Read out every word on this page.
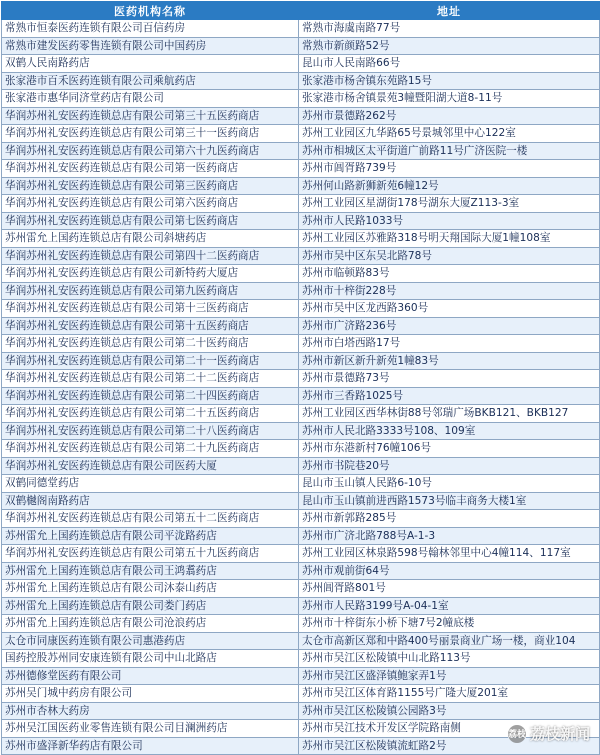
医药机构名称	地址
常熟市恒泰医药连锁有限公司百信药房	常熟市海虞南路77号
常熟市建发医药零售连锁有限公司中国药房	常熟市新颜路52号
双鹤人民南路药店	昆山市人民南路66号
张家港市百禾医药连锁有限公司乘航药店	张家港市杨舍镇东苑路15号
张家港市惠华同济堂药店有限公司	张家港市杨舍镇景苑3幢暨阳湖大道8-11号
华润苏州礼安医药连锁总店有限公司第三十五医药商店	苏州市景德路262号
华润苏州礼安医药连锁总店有限公司第三十一医药商店	苏州工业园区九华路65号景城邻里中心122室
华润苏州礼安医药连锁总店有限公司第六十九医药商店	苏州市相城区太平街道广前路11号广济医院一楼
华润苏州礼安医药连锁总店有限公司第一医药商店	苏州市阊胥路739号
华润苏州礼安医药连锁总店有限公司第三医药商店	苏州何山路新狮新苑6幢12号
华润苏州礼安医药连锁总店有限公司第六医药商店	苏州工业园区星湖街178号湖东大厦Z113-3室
华润苏州礼安医药连锁总店有限公司第七医药商店	苏州市人民路1033号
苏州雷允上国药连锁总店有限公司斜塘药店	苏州工业园区苏雅路318号明天翔国际大厦1幢108室
华润苏州礼安医药连锁总店有限公司第四十二医药商店	苏州市吴中区东吴北路78号
华润苏州礼安医药连锁总店有限公司新特药大厦店	苏州市临顿路83号
华润苏州礼安医药连锁总店有限公司第九医药商店	苏州市十梓街228号
华润苏州礼安医药连锁总店有限公司第十三医药商店	苏州市吴中区龙西路360号
华润苏州礼安医药连锁总店有限公司第十五医药商店	苏州市广济路236号
华润苏州礼安医药连锁总店有限公司第二十医药商店	苏州市白塔西路17号
华润苏州礼安医药连锁总店有限公司第二十一医药商店	苏州市新区新升新苑1幢83号
华润苏州礼安医药连锁总店有限公司第二十二医药商店	苏州市景德路73号
华润苏州礼安医药连锁总店有限公司第二十四医药商店	苏州市三香路1025号
华润苏州礼安医药连锁总店有限公司第二十五医药商店	苏州工业园区西华林街88号邻瑞广场BKB121、BKB127
华润苏州礼安医药连锁总店有限公司第二十八医药商店	苏州市人民北路3333号108、109室
华润苏州礼安医药连锁总店有限公司第二十九医药商店	苏州市东港新村76幢106号
华润苏州礼安医药连锁总店有限公司医药大厦	苏州市书院巷20号
双鹤同德堂药店	昆山市玉山镇人民路6-10号
双鹤樾阁南路药店	昆山市玉山镇前进西路1573号临丰商务大楼1室
华润苏州礼安医药连锁总店有限公司第五十二医药商店	苏州市新郭路285号
苏州雷允上国药连锁总店有限公司平泷路药店	苏州市广济北路788号A-1-3
华润苏州礼安医药连锁总店有限公司第五十九医药商店	苏州工业园区林泉路598号翰林邻里中心4幢114、117室
苏州雷允上国药连锁总店有限公司王鸿翥药店	苏州市观前街64号
苏州雷允上国药连锁总店有限公司沐泰山药店	苏州阊胥路801号
苏州雷允上国药连锁总店有限公司娄门药店	苏州市人民路3199号A-04-1室
苏州雷允上国药连锁总店有限公司沧浪药店	苏州市十梓街东小桥下塘7号2幢底楼
太仓市同康医药连锁有限公司惠港药店	太仓市高新区郑和中路400号丽景商业广场一楼，商业104
国药控股苏州同安康连锁有限公司中山北路店	苏州市吴江区松陵镇中山北路113号
苏州德修堂医药有限公司	苏州市吴江区盛泽镇鲍家弄1号
苏州吴门城中药房有限公司	苏州市吴江区体育路1155号广隆大厦201室
苏州市杏林大药房	苏州市吴江区松陵镇公园路3号
苏州吴江国医药业零售连锁有限公司目澜洲药店	苏州市吴江技术开发区学院路南侧
苏州市盛泽新华药店有限公司	苏州市吴江区松陵镇流虹路2号
荔枝 荔枝新闻
